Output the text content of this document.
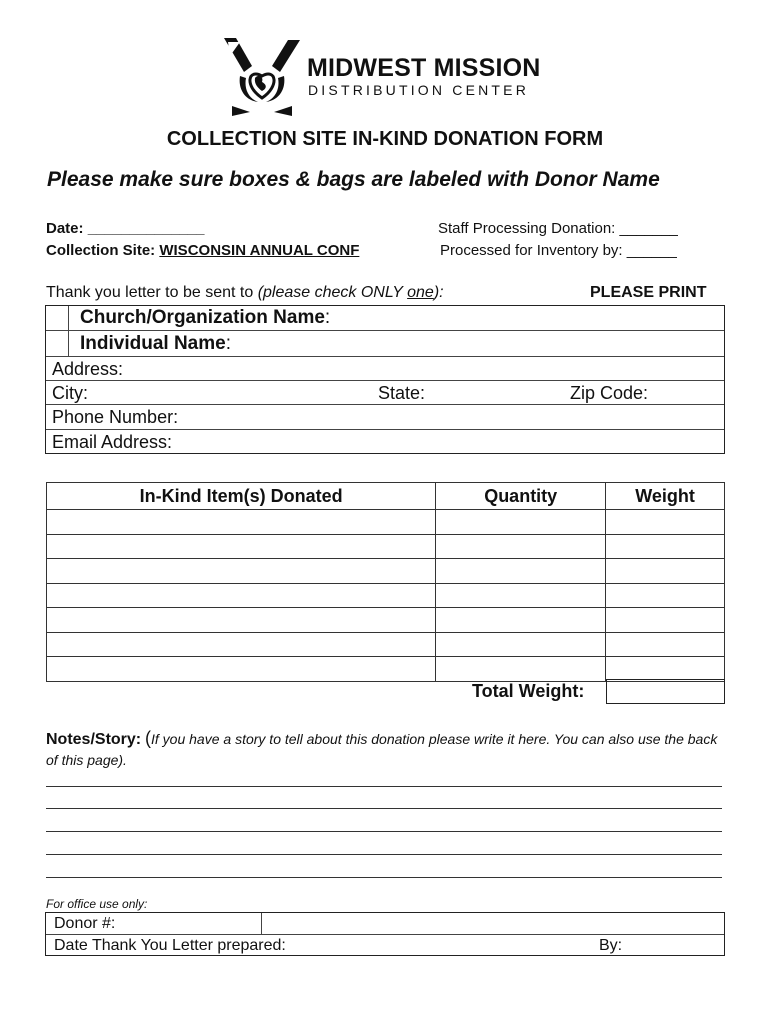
MIDWEST MISSION
DISTRIBUTION CENTER
COLLECTION SITE IN-KIND DONATION FORM
Please make sure boxes & bags are labeled with Donor Name
Date: ______________
Collection Site: WISCONSIN ANNUAL CONF
Staff Processing Donation: _______
Processed for Inventory by: ______
Thank you letter to be sent to (please check ONLY one):	PLEASE PRINT
Church/Organization Name:
Individual Name:
Address:
City:	State:	Zip Code:
Phone Number:
Email Address:
In-Kind Item(s) Donated	Quantity	Weight

Total Weight:
Notes/Story: (If you have a story to tell about this donation please write it here. You can also use the back of this page).
For office use only:
Donor #:
Date Thank You Letter prepared:	By:
